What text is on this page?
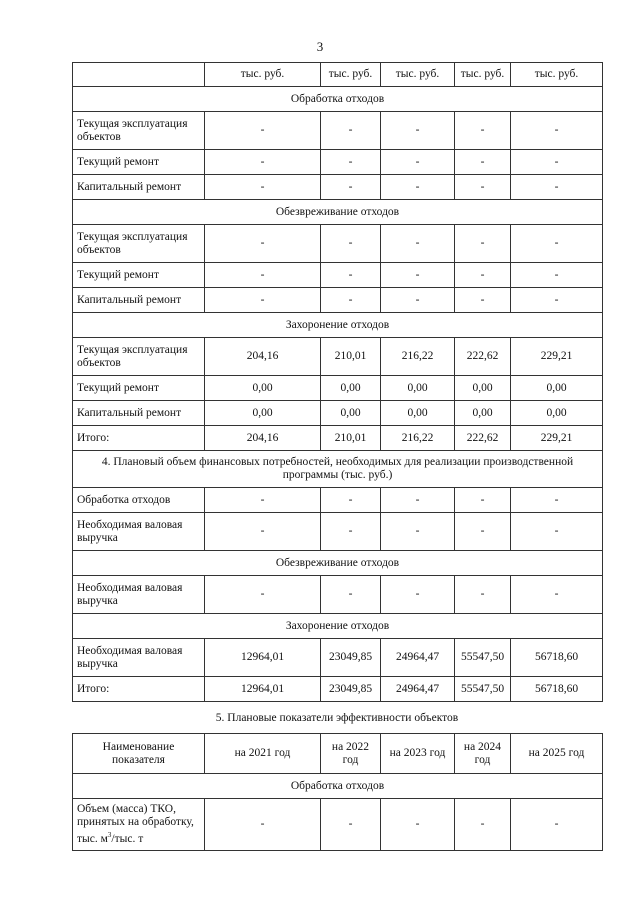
3
	тыс. руб.	тыс. руб.	тыс. руб.	тыс. руб.	тыс. руб.
Обработка отходов					
Текущая эксплуатация объектов	-	-	-	-	-
Текущий ремонт	-	-	-	-	-
Капитальный ремонт	-	-	-	-	-
Обезвреживание отходов					
Текущая эксплуатация объектов	-	-	-	-	-
Текущий ремонт	-	-	-	-	-
Капитальный ремонт	-	-	-	-	-
Захоронение отходов					
Текущая эксплуатация объектов	204,16	210,01	216,22	222,62	229,21
Текущий ремонт	0,00	0,00	0,00	0,00	0,00
Капитальный ремонт	0,00	0,00	0,00	0,00	0,00
Итого:	204,16	210,01	216,22	222,62	229,21
4. Плановый объем финансовых потребностей, необходимых для реализации производственной программы (тыс. руб.)					
Обработка отходов	-	-	-	-	-
Необходимая валовая выручка	-	-	-	-	-
Обезвреживание отходов					
Необходимая валовая выручка	-	-	-	-	-
Захоронение отходов					
Необходимая валовая выручка	12964,01	23049,85	24964,47	55547,50	56718,60
Итого:	12964,01	23049,85	24964,47	55547,50	56718,60
5. Плановые показатели эффективности объектов
Наименование показателя	на 2021 год	на 2022 год	на 2023 год	на 2024 год	на 2025 год
Обработка отходов					
Объем (масса) ТКО, принятых на обработку, тыс. $м^3$/тыс. т	-	-	-	-	-
